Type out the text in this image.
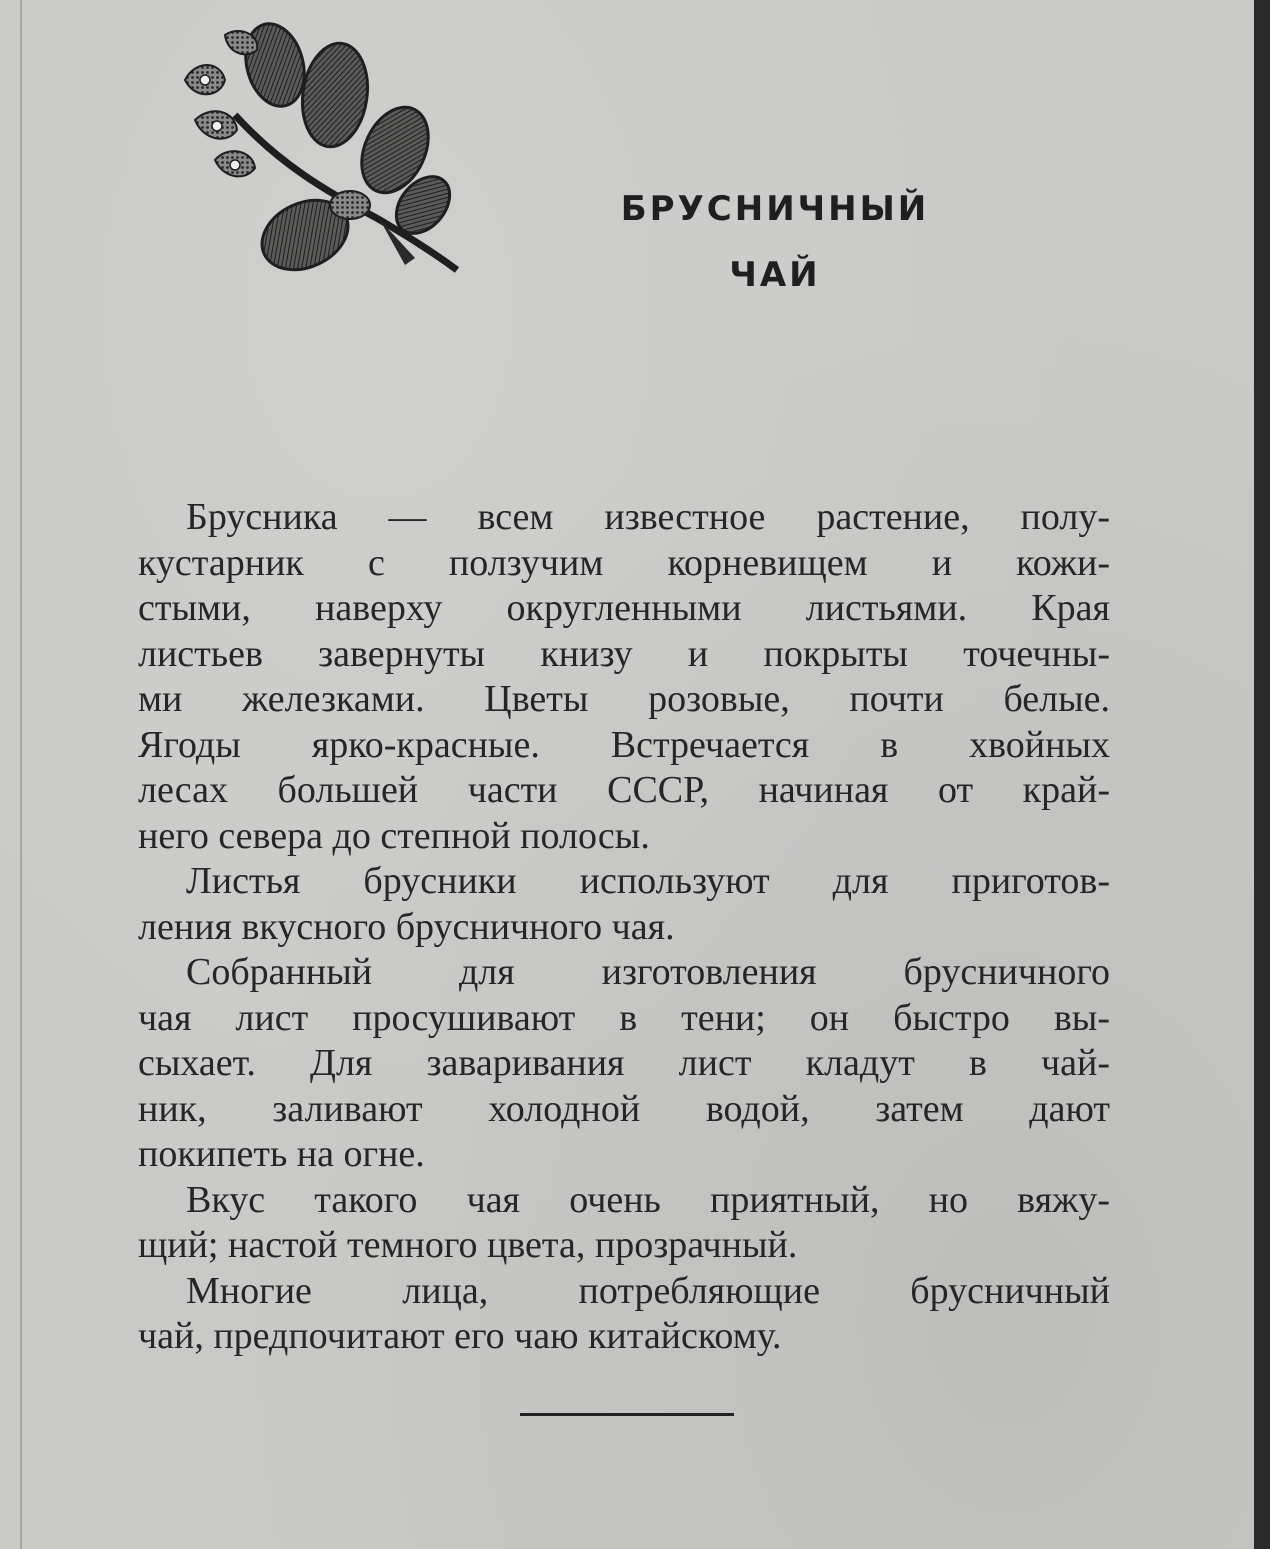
БРУСНИЧНЫЙ
ЧАЙ
Брусника — всем известное растение, полу-
кустарник с ползучим корневищем и кожи-
стыми, наверху округленными листьями. Края
листьев завернуты книзу и покрыты точечны-
ми железками. Цветы розовые, почти белые.
Ягоды ярко-красные. Встречается в хвойных
лесах большей части СССР, начиная от край-
него севера до степной полосы.
Листья брусники используют для приготов-
ления вкусного брусничного чая.
Собранный для изготовления брусничного
чая лист просушивают в тени; он быстро вы-
сыхает. Для заваривания лист кладут в чай-
ник, заливают холодной водой, затем дают
покипеть на огне.
Вкус такого чая очень приятный, но вяжу-
щий; настой темного цвета, прозрачный.
Многие лица, потребляющие брусничный
чай, предпочитают его чаю китайскому.
